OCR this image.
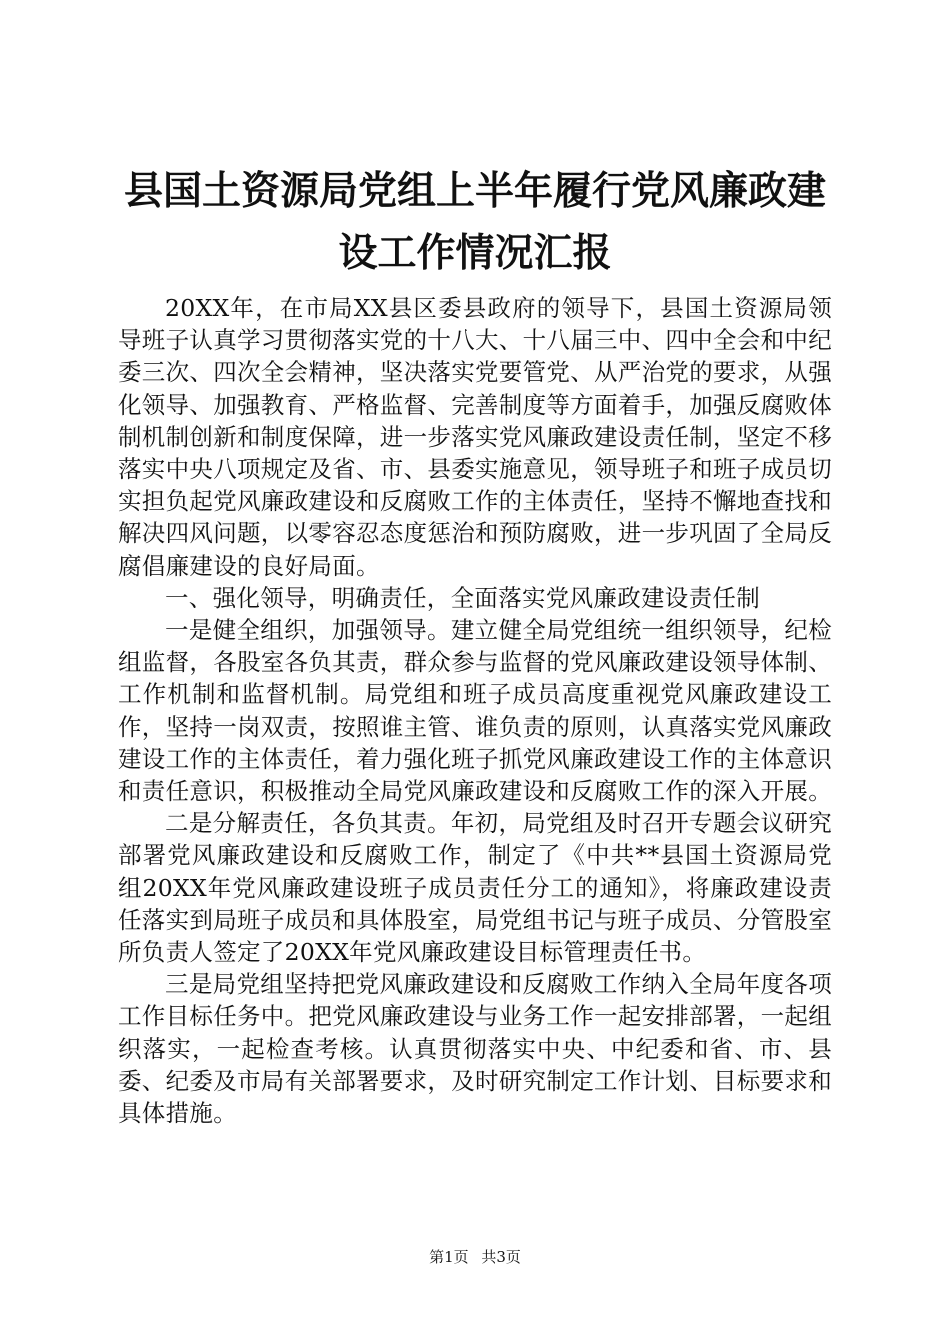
县国土资源局党组上半年履行党风廉政建设工作情况汇报

20XX年，在市局XX县区委县政府的领导下，县国土资源局领导班子认真学习贯彻落实党的十八大、十八届三中、四中全会和中纪委三次、四次全会精神，坚决落实党要管党、从严治党的要求，从强化领导、加强教育、严格监督、完善制度等方面着手，加强反腐败体制机制创新和制度保障，进一步落实党风廉政建设责任制，坚定不移落实中央八项规定及省、市、县委实施意见，领导班子和班子成员切实担负起党风廉政建设和反腐败工作的主体责任，坚持不懈地查找和解决四风问题，以零容忍态度惩治和预防腐败，进一步巩固了全局反腐倡廉建设的良好局面。

一、强化领导，明确责任，全面落实党风廉政建设责任制

一是健全组织，加强领导。建立健全局党组统一组织领导，纪检组监督，各股室各负其责，群众参与监督的党风廉政建设领导体制、工作机制和监督机制。局党组和班子成员高度重视党风廉政建设工作，坚持一岗双责，按照谁主管、谁负责的原则，认真落实党风廉政建设工作的主体责任，着力强化班子抓党风廉政建设工作的主体意识和责任意识，积极推动全局党风廉政建设和反腐败工作的深入开展。

二是分解责任，各负其责。年初，局党组及时召开专题会议研究部署党风廉政建设和反腐败工作，制定了《中共**县国土资源局党组20XX年党风廉政建设班子成员责任分工的通知》，将廉政建设责任落实到局班子成员和具体股室，局党组书记与班子成员、分管股室所负责人签定了20XX年党风廉政建设目标管理责任书。

三是局党组坚持把党风廉政建设和反腐败工作纳入全局年度各项工作目标任务中。把党风廉政建设与业务工作一起安排部署，一起组织落实，一起检查考核。认真贯彻落实中央、中纪委和省、市、县委、纪委及市局有关部署要求，及时研究制定工作计划、目标要求和具体措施。

第1页 共3页
